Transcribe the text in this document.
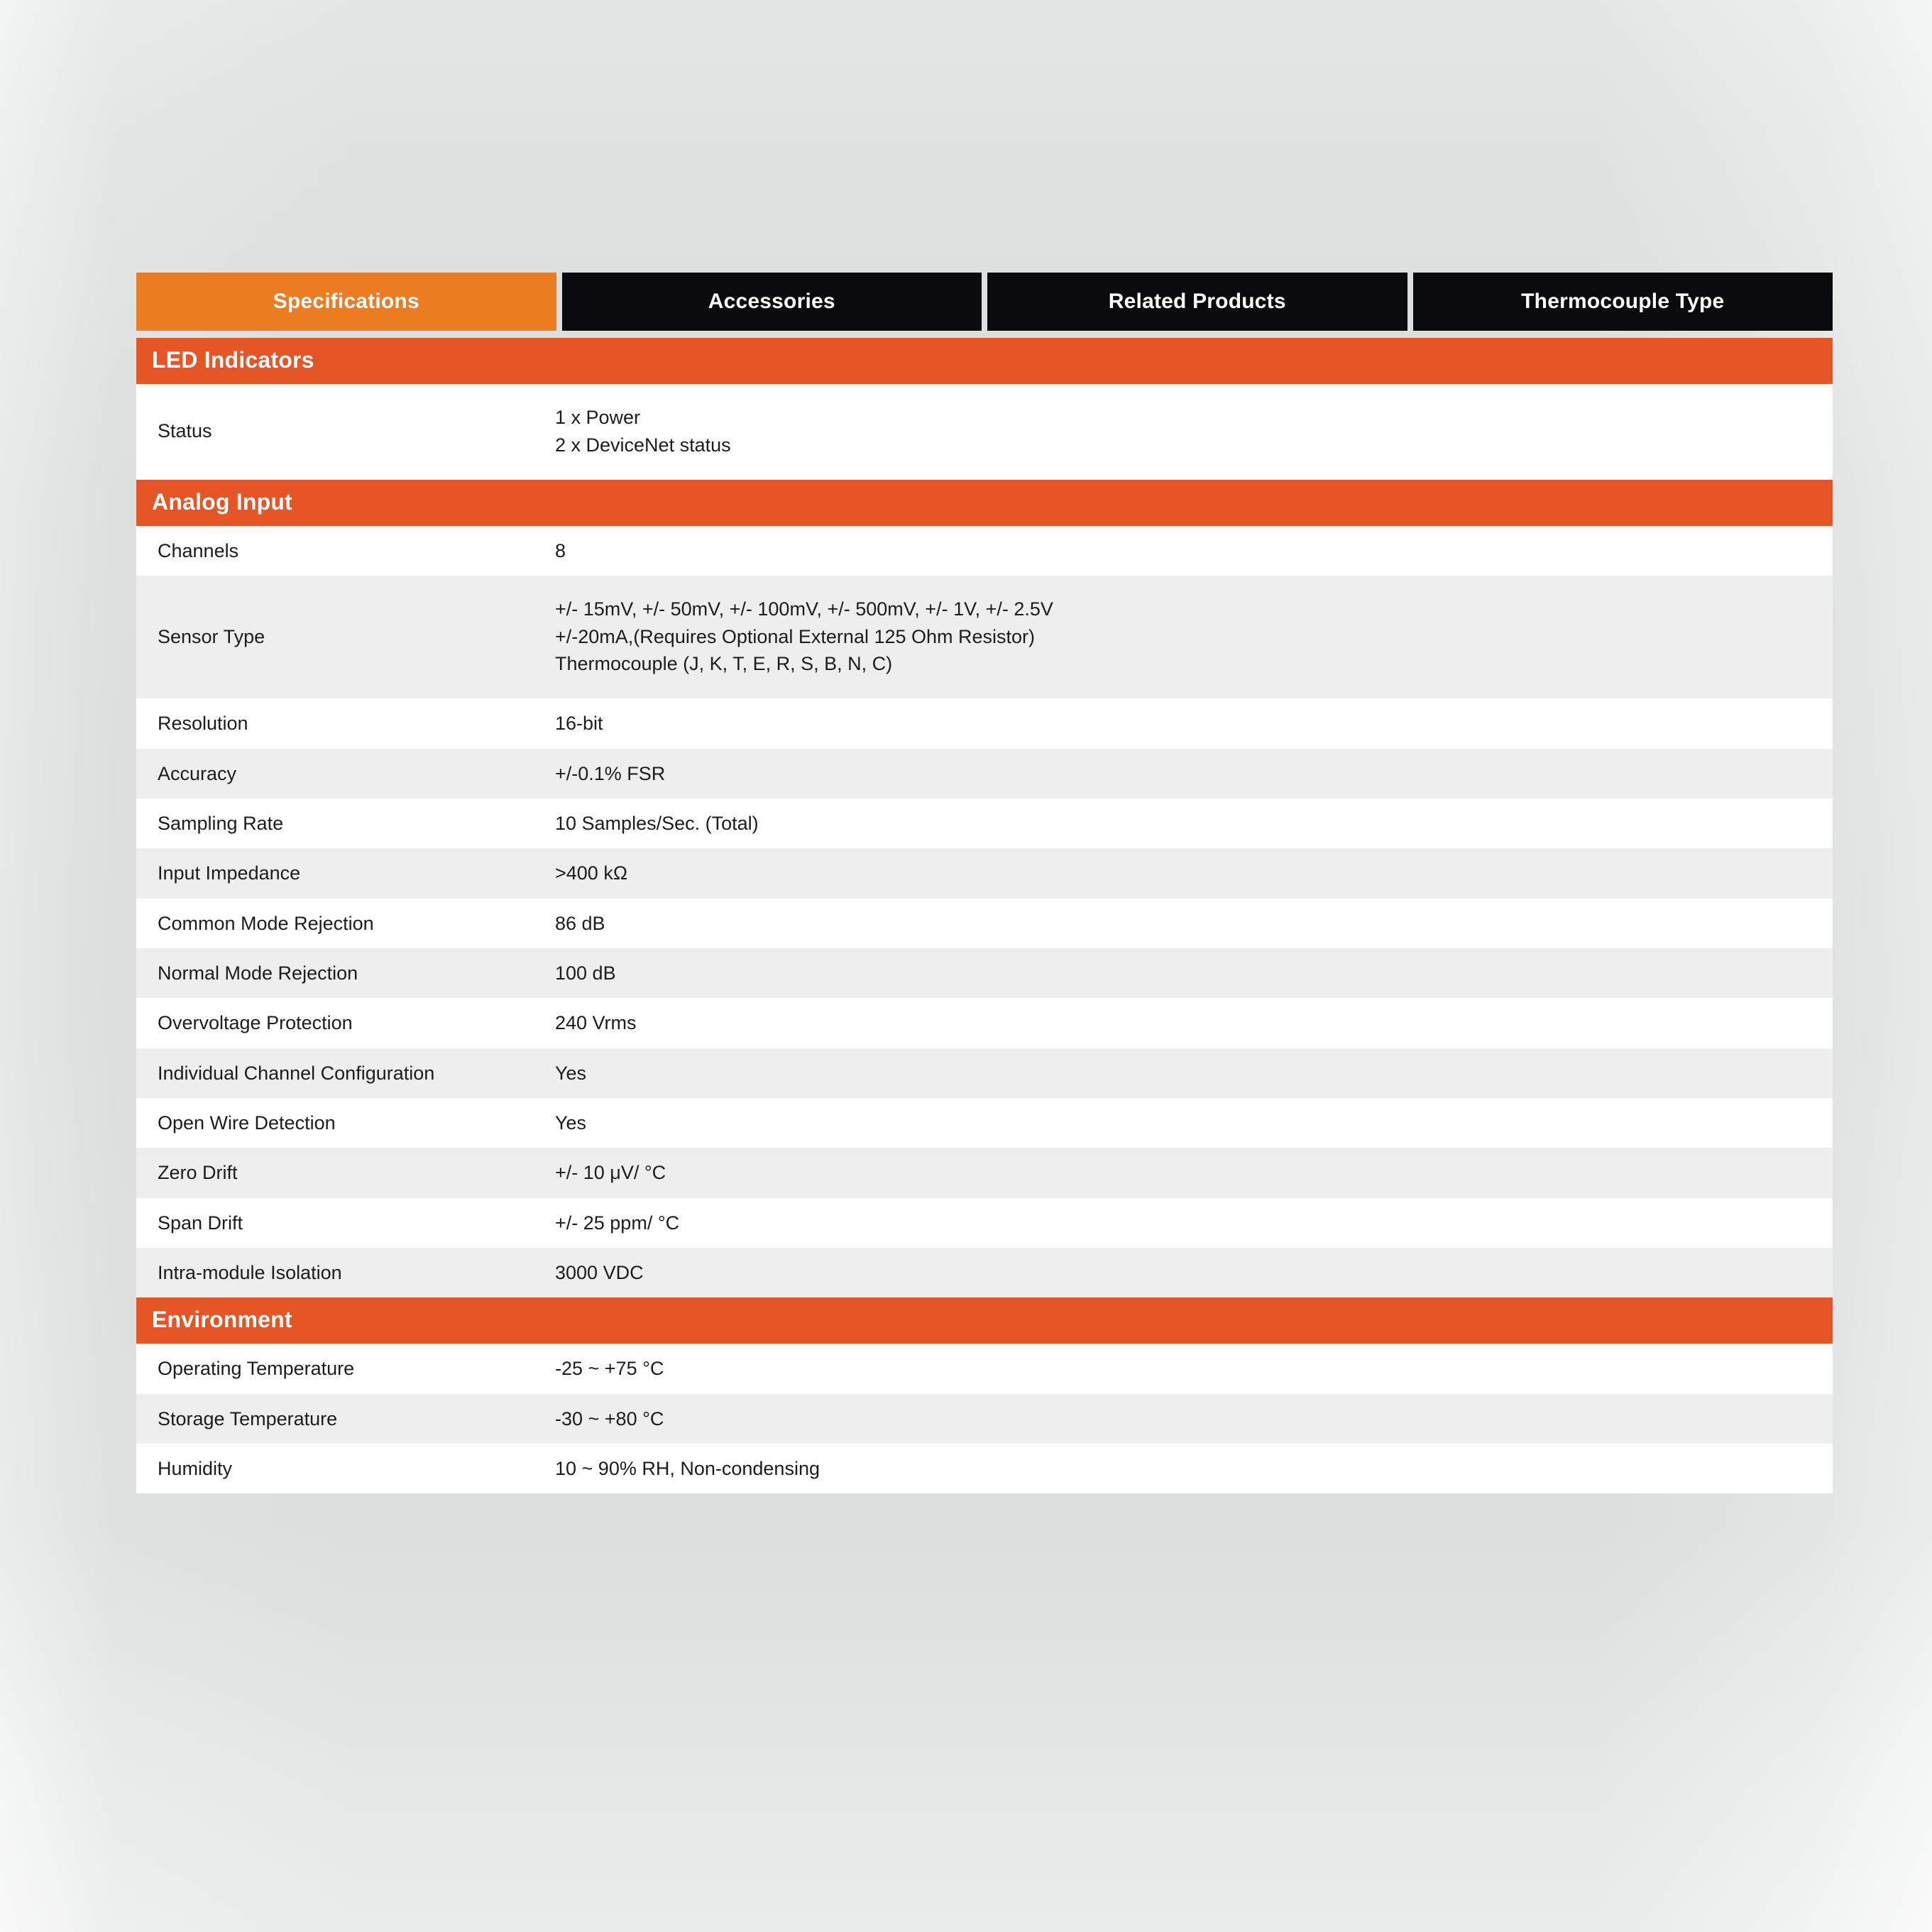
Specifications	Accessories	Related Products	Thermocouple Type
LED Indicators	
Status	1 x Power
2 x DeviceNet status

Analog Input	
Channels	8

Sensor Type	+/- 15mV, +/- 50mV, +/- 100mV, +/- 500mV, +/- 1V, +/- 2.5V
+/-20mA,(Requires Optional External 125 Ohm Resistor)
Thermocouple (J, K, T, E, R, S, B, N, C)

Resolution	16-bit

Accuracy	+/-0.1% FSR

Sampling Rate	10 Samples/Sec. (Total)

Input Impedance	>400 kΩ

Common Mode Rejection	86 dB

Normal Mode Rejection	100 dB

Overvoltage Protection	240 Vrms

Individual Channel Configuration	Yes

Open Wire Detection	Yes

Zero Drift	+/- 10 μV/ °C

Span Drift	+/- 25 ppm/ °C

Intra-module Isolation	3000 VDC

Environment	
Operating Temperature	-25 ~ +75 °C

Storage Temperature	-30 ~ +80 °C

Humidity	10 ~ 90% RH, Non-condensing
